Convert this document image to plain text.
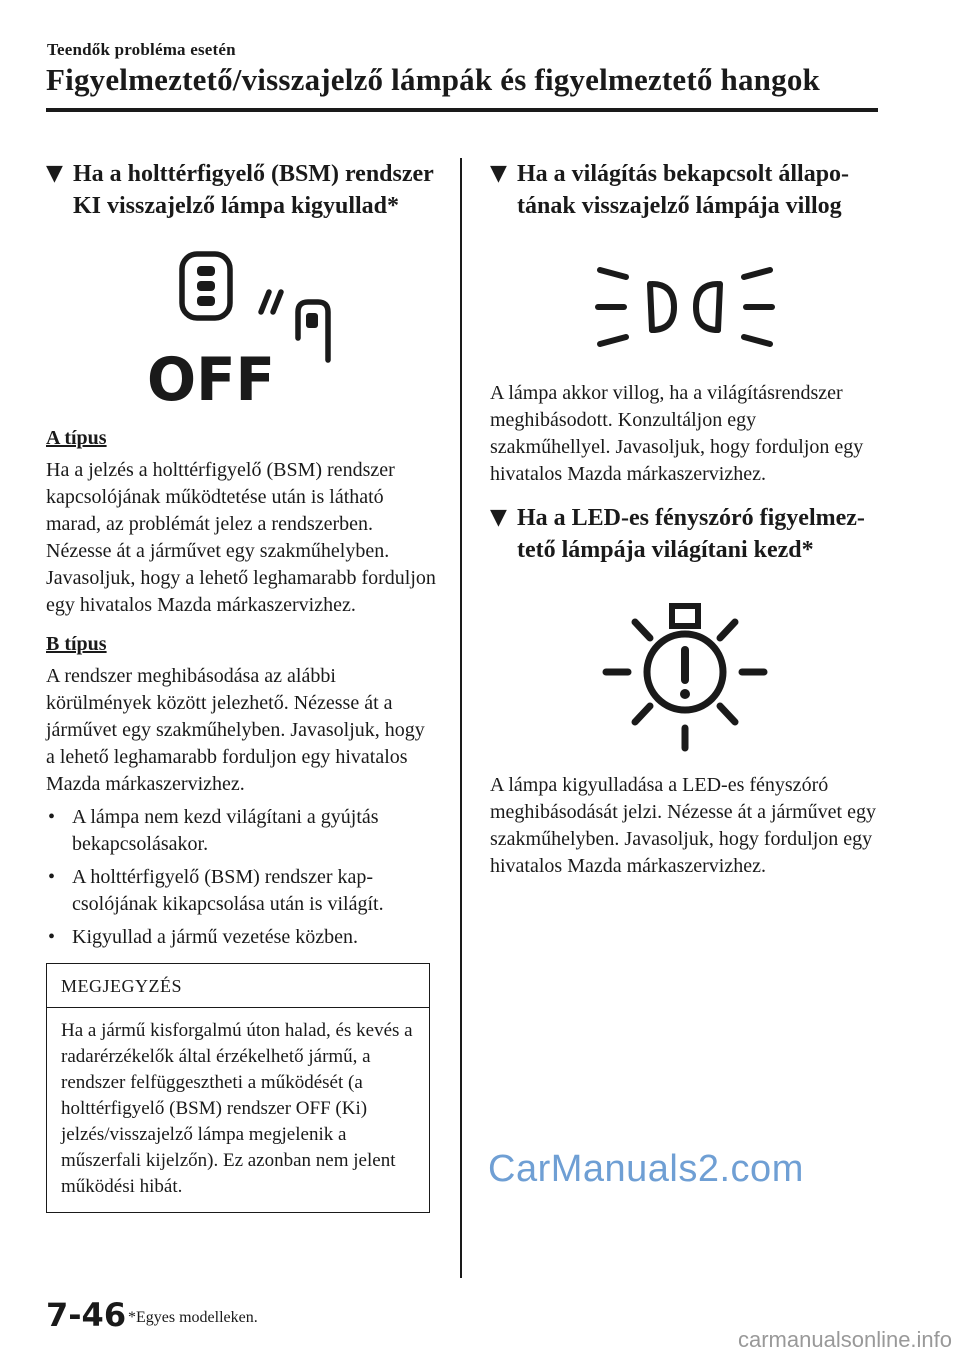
Teendők probléma esetén
Figyelmeztető/visszajelző lámpák és figyelmeztető hangok
▼ Ha a holttérfigyelő (BSM) rendszer KI visszajelző lámpa kigyullad*
OFF
A típus
Ha a jelzés a holttérfigyelő (BSM) rendszer kapcsolójának működtetése után is látható marad, az problémát jelez a rendszerben. Nézesse át a járművet egy szakműhelyben. Javasoljuk, hogy a lehető leghamarabb forduljon egy hivatalos Mazda márkaszervizhez.
B típus
A rendszer meghibásodása az alábbi körülmények között jelezhető. Nézesse át a járművet egy szakműhelyben. Javasoljuk, hogy a lehető leghamarabb forduljon egy hivatalos Mazda márkaszervizhez.
• A lámpa nem kezd világítani a gyújtás bekapcsolásakor.
• A holttérfigyelő (BSM) rendszer kap-csolójának kikapcsolása után is világít.
• Kigyullad a jármű vezetése közben.
MEGJEGYZÉS
Ha a jármű kisforgalmú úton halad, és kevés a radarérzékelők által érzékelhető jármű, a rendszer felfüggesztheti a működését (a holttérfigyelő (BSM) rendszer OFF (Ki) jelzés/visszajelző lámpa megjelenik a műszerfali kijelzőn). Ez azonban nem jelent működési hibát.
▼ Ha a világítás bekapcsolt állapo-tának visszajelző lámpája villog
A lámpa akkor villog, ha a világításrendszer meghibásodott. Konzultáljon egy szakműhellyel. Javasoljuk, hogy forduljon egy hivatalos Mazda márkaszervizhez.
▼ Ha a LED-es fényszóró figyelmez-tető lámpája világítani kezd*
A lámpa kigyulladása a LED-es fényszóró meghibásodását jelzi. Nézesse át a járművet egy szakműhelyben. Javasoljuk, hogy forduljon egy hivatalos Mazda márkaszervizhez.
7-46 *Egyes modelleken.
CarManuals2.com
carmanualsonline.info
